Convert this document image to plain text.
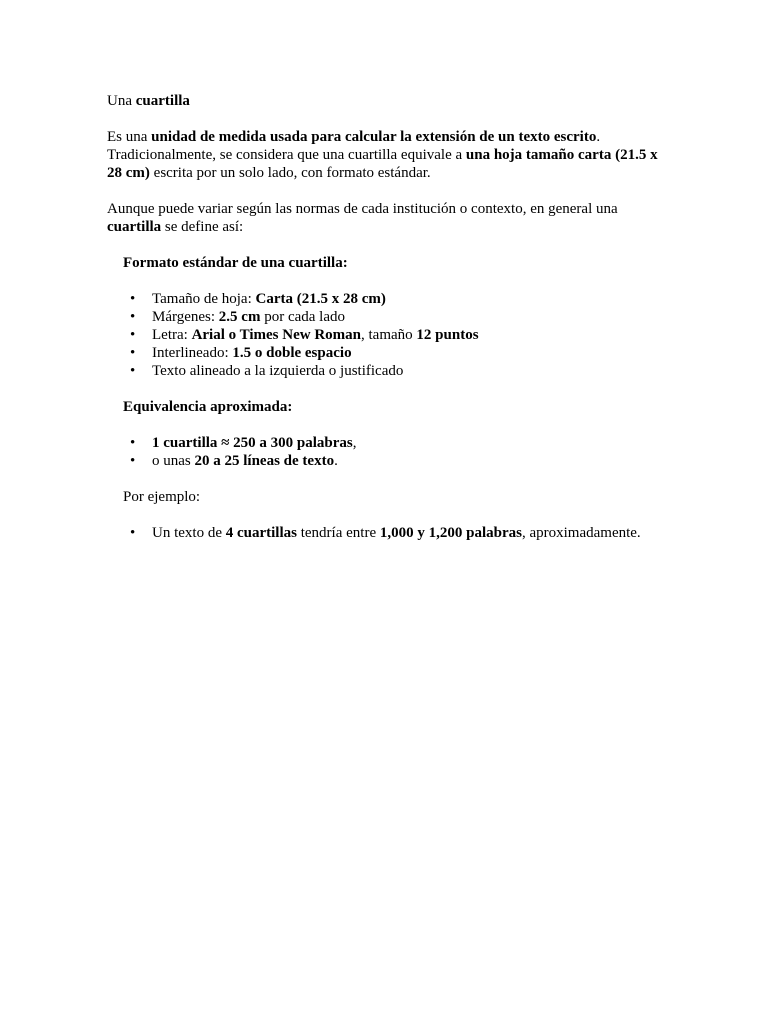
Una cuartilla

Es una unidad de medida usada para calcular la extensión de un texto escrito. Tradicionalmente, se considera que una cuartilla equivale a una hoja tamaño carta (21.5 x 28 cm) escrita por un solo lado, con formato estándar.

Aunque puede variar según las normas de cada institución o contexto, en general una cuartilla se define así:

Formato estándar de una cuartilla:

• Tamaño de hoja: Carta (21.5 x 28 cm)
• Márgenes: 2.5 cm por cada lado
• Letra: Arial o Times New Roman, tamaño 12 puntos
• Interlineado: 1.5 o doble espacio
• Texto alineado a la izquierda o justificado

Equivalencia aproximada:

• 1 cuartilla ≈ 250 a 300 palabras,
• o unas 20 a 25 líneas de texto.

Por ejemplo:

• Un texto de 4 cuartillas tendría entre 1,000 y 1,200 palabras, aproximadamente.
